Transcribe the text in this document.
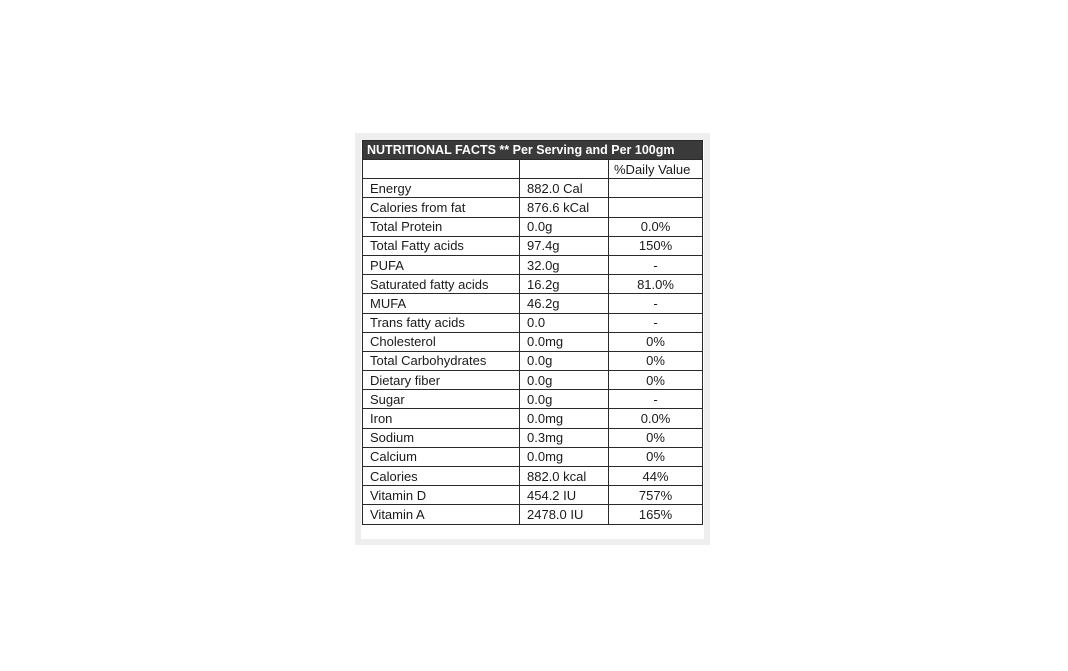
NUTRITIONAL FACTS ** Per Serving and Per 100gm		
		%Daily Value
Energy	882.0 Cal	
Calories from fat	876.6 kCal	
Total Protein	0.0g	0.0%
Total Fatty acids	97.4g	150%
PUFA	32.0g	-
Saturated fatty acids	16.2g	81.0%
MUFA	46.2g	-
Trans fatty acids	0.0	-
Cholesterol	0.0mg	0%
Total Carbohydrates	0.0g	0%
Dietary fiber	0.0g	0%
Sugar	0.0g	-
Iron	0.0mg	0.0%
Sodium	0.3mg	0%
Calcium	0.0mg	0%
Calories	882.0 kcal	44%
Vitamin D	454.2 IU	757%
Vitamin A	2478.0 IU	165%
